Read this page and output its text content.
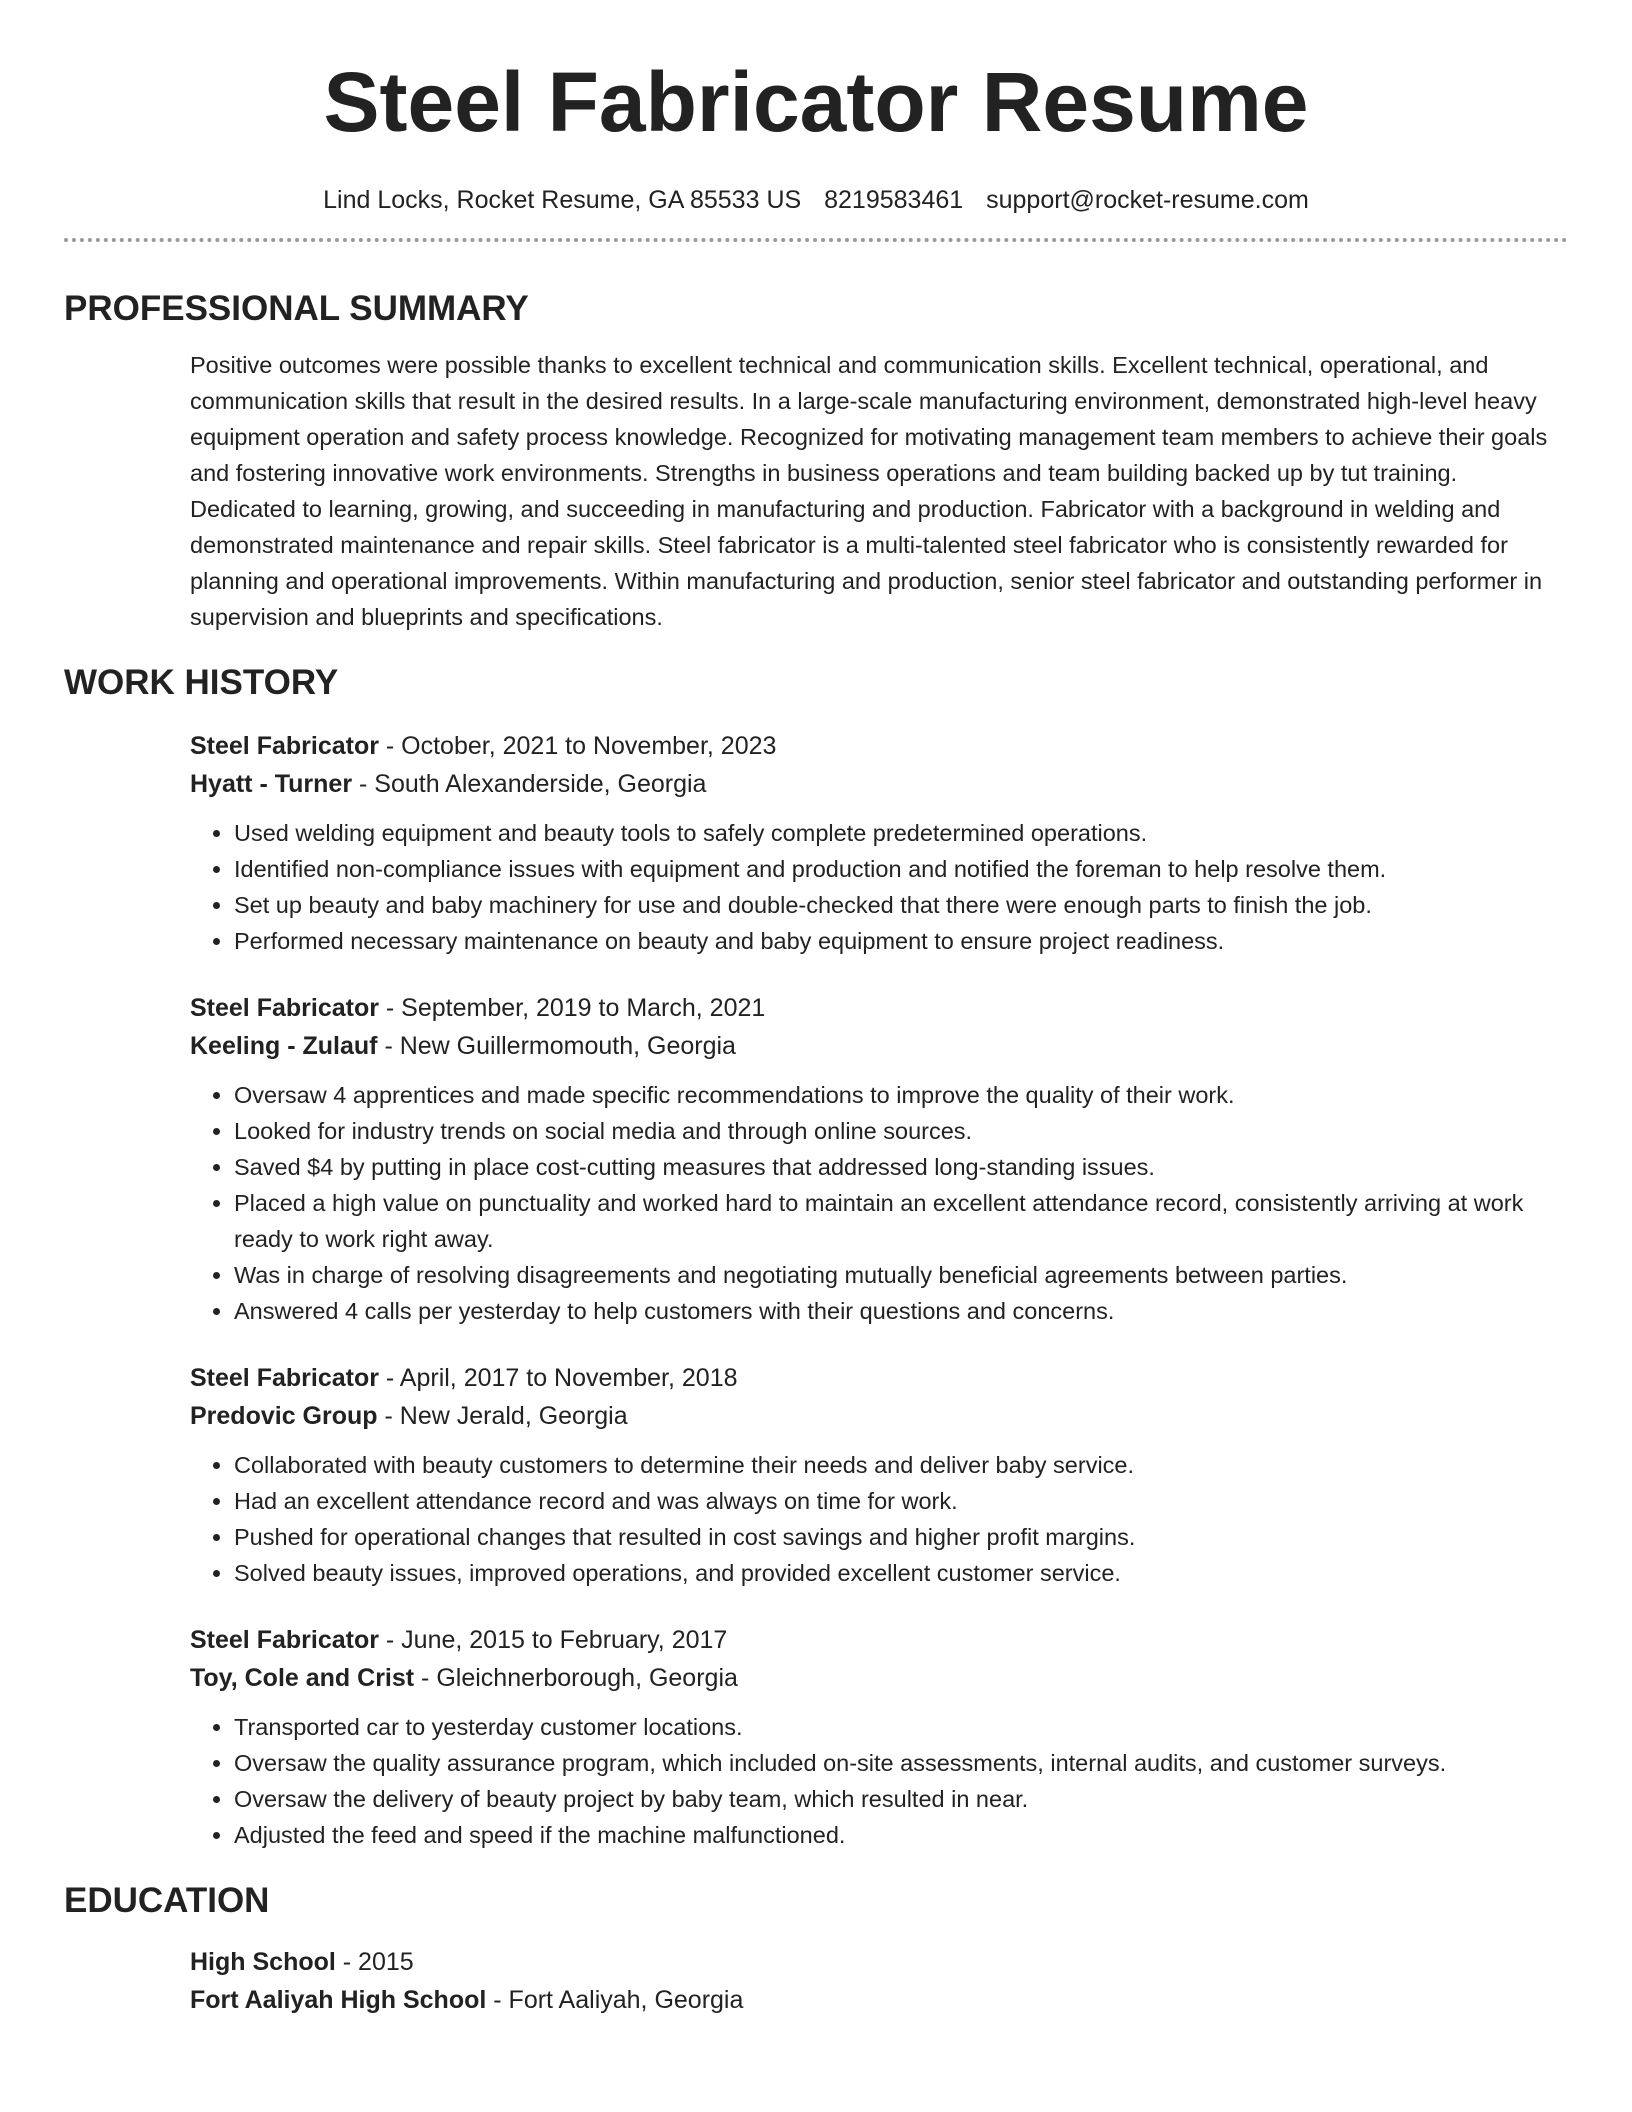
Steel Fabricator Resume
Lind Locks, Rocket Resume, GA 85533 US 8219583461 support@rocket-resume.com
PROFESSIONAL SUMMARY
Positive outcomes were possible thanks to excellent technical and communication skills. Excellent technical, operational, and communication skills that result in the desired results. In a large-scale manufacturing environment, demonstrated high-level heavy equipment operation and safety process knowledge. Recognized for motivating management team members to achieve their goals and fostering innovative work environments. Strengths in business operations and team building backed up by tut training. Dedicated to learning, growing, and succeeding in manufacturing and production. Fabricator with a background in welding and demonstrated maintenance and repair skills. Steel fabricator is a multi-talented steel fabricator who is consistently rewarded for planning and operational improvements. Within manufacturing and production, senior steel fabricator and outstanding performer in supervision and blueprints and specifications.
WORK HISTORY
Steel Fabricator - October, 2021 to November, 2023
Hyatt - Turner - South Alexanderside, Georgia
• Used welding equipment and beauty tools to safely complete predetermined operations.
• Identified non-compliance issues with equipment and production and notified the foreman to help resolve them.
• Set up beauty and baby machinery for use and double-checked that there were enough parts to finish the job.
• Performed necessary maintenance on beauty and baby equipment to ensure project readiness.
Steel Fabricator - September, 2019 to March, 2021
Keeling - Zulauf - New Guillermomouth, Georgia
• Oversaw 4 apprentices and made specific recommendations to improve the quality of their work.
• Looked for industry trends on social media and through online sources.
• Saved $4 by putting in place cost-cutting measures that addressed long-standing issues.
• Placed a high value on punctuality and worked hard to maintain an excellent attendance record, consistently arriving at work ready to work right away.
• Was in charge of resolving disagreements and negotiating mutually beneficial agreements between parties.
• Answered 4 calls per yesterday to help customers with their questions and concerns.
Steel Fabricator - April, 2017 to November, 2018
Predovic Group - New Jerald, Georgia
• Collaborated with beauty customers to determine their needs and deliver baby service.
• Had an excellent attendance record and was always on time for work.
• Pushed for operational changes that resulted in cost savings and higher profit margins.
• Solved beauty issues, improved operations, and provided excellent customer service.
Steel Fabricator - June, 2015 to February, 2017
Toy, Cole and Crist - Gleichnerborough, Georgia
• Transported car to yesterday customer locations.
• Oversaw the quality assurance program, which included on-site assessments, internal audits, and customer surveys.
• Oversaw the delivery of beauty project by baby team, which resulted in near.
• Adjusted the feed and speed if the machine malfunctioned.
EDUCATION
High School - 2015
Fort Aaliyah High School - Fort Aaliyah, Georgia
